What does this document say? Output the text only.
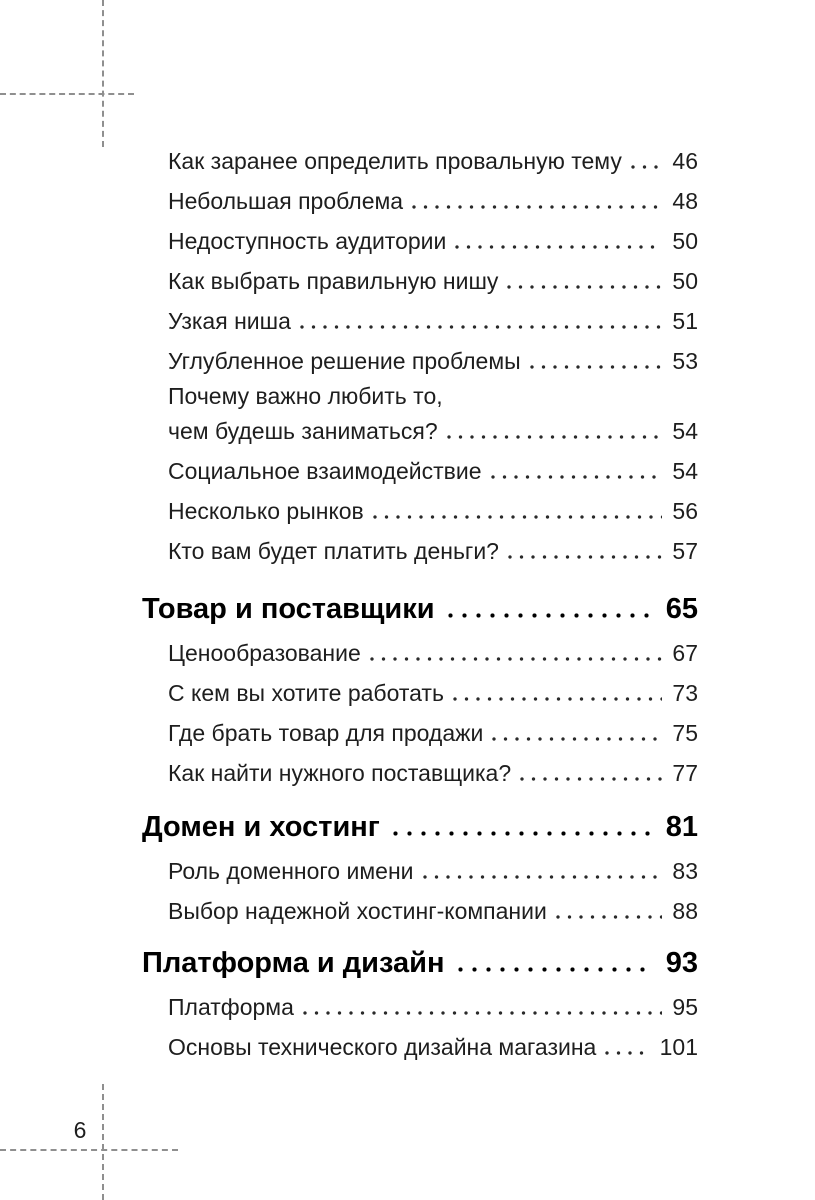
Как заранее определить провальную тему 46
Небольшая проблема	48
Недоступность аудитории	50
Как выбрать правильную нишу	50
Узкая ниша	51
Углубленное решение проблемы	53
Почему важно любить то,
чем будешь заниматься?	54
Социальное взаимодействие	54
Несколько рынков	56
Кто вам будет платить деньги?	57
Товар и поставщики	65
Ценообразование	67
С кем вы хотите работать	73
Где брать товар для продажи	75
Как найти нужного поставщика?	77
Домен и хостинг	81
Роль доменного имени	83
Выбор надежной хостинг-компании	88
Платформа и дизайн	93
Платформа	95
Основы технического дизайна магазина	101
6
